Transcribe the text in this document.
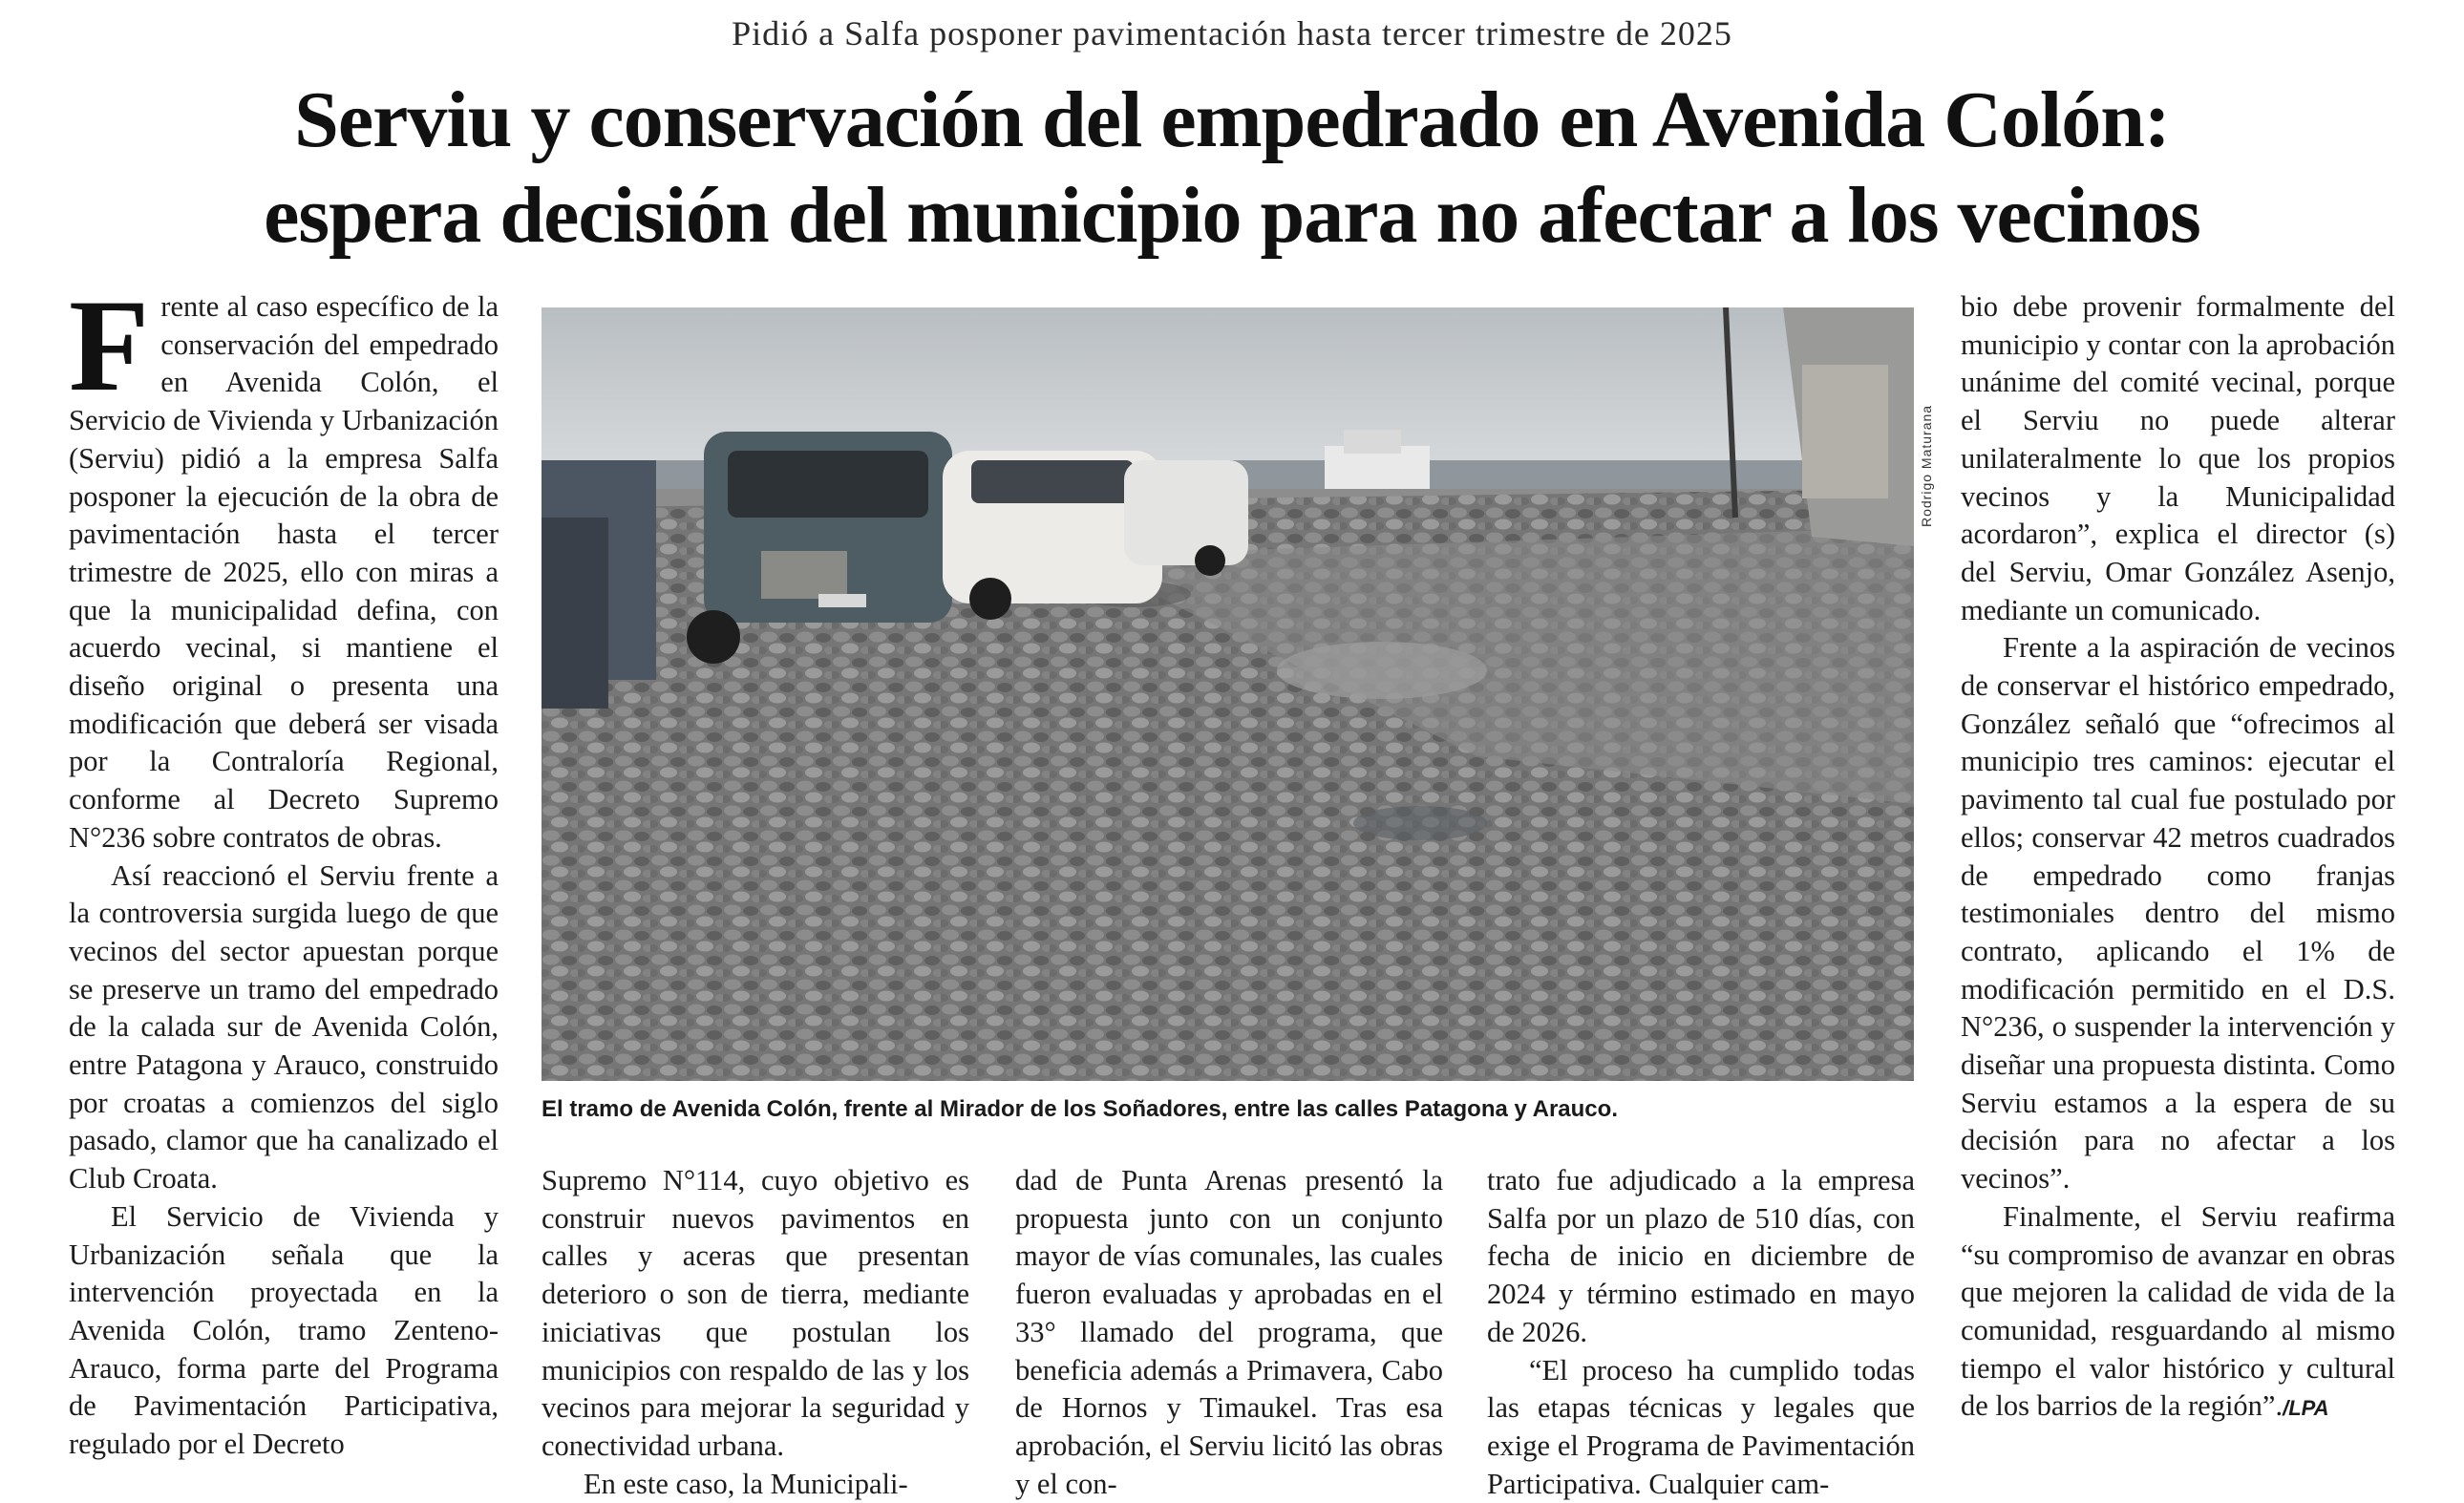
Pidió a Salfa posponer pavimentación hasta tercer trimestre de 2025
Serviu y conservación del empedrado en Avenida Colón:
espera decisión del municipio para no afectar a los vecinos

Frente al caso específico de la conservación del empedrado en Avenida Colón, el Servicio de Vivienda y Urbanización (Serviu) pidió a la empresa Salfa posponer la ejecución de la obra de pavimentación hasta el tercer trimestre de 2025, ello con miras a que la municipalidad defina, con acuerdo vecinal, si mantiene el diseño original o presenta una modificación que deberá ser visada por la Contraloría Regional, conforme al Decreto Supremo N°236 sobre contratos de obras.

Así reaccionó el Serviu frente a la controversia surgida luego de que vecinos del sector apuestan porque se preserve un tramo del empedrado de la calada sur de Avenida Colón, entre Patagona y Arauco, construido por croatas a comienzos del siglo pasado, clamor que ha canalizado el Club Croata.

El Servicio de Vivienda y Urbanización señala que la intervención proyectada en la Avenida Colón, tramo Zenteno-Arauco, forma parte del Programa de Pavimentación Participativa, regulado por el Decreto

Rodrigo Maturana
El tramo de Avenida Colón, frente al Mirador de los Soñadores, entre las calles Patagona y Arauco.

Supremo N°114, cuyo objetivo es construir nuevos pavimentos en calles y aceras que presentan deterioro o son de tierra, mediante iniciativas que postulan los municipios con respaldo de las y los vecinos para mejorar la seguridad y conectividad urbana.

En este caso, la Municipali-

dad de Punta Arenas presentó la propuesta junto con un conjunto mayor de vías comunales, las cuales fueron evaluadas y aprobadas en el 33° llamado del programa, que beneficia además a Primavera, Cabo de Hornos y Timaukel. Tras esa aprobación, el Serviu licitó las obras y el con-

trato fue adjudicado a la empresa Salfa por un plazo de 510 días, con fecha de inicio en diciembre de 2024 y término estimado en mayo de 2026.

“El proceso ha cumplido todas las etapas técnicas y legales que exige el Programa de Pavimentación Participativa. Cualquier cam-

bio debe provenir formalmente del municipio y contar con la aprobación unánime del comité vecinal, porque el Serviu no puede alterar unilateralmente lo que los propios vecinos y la Municipalidad acordaron”, explica el director (s) del Serviu, Omar González Asenjo, mediante un comunicado.

Frente a la aspiración de vecinos de conservar el histórico empedrado, González señaló que “ofrecimos al municipio tres caminos: ejecutar el pavimento tal cual fue postulado por ellos; conservar 42 metros cuadrados de empedrado como franjas testimoniales dentro del mismo contrato, aplicando el 1% de modificación permitido en el D.S. N°236, o suspender la intervención y diseñar una propuesta distinta. Como Serviu estamos a la espera de su decisión para no afectar a los vecinos”.

Finalmente, el Serviu reafirma “su compromiso de avanzar en obras que mejoren la calidad de vida de la comunidad, resguardando al mismo tiempo el valor histórico y cultural de los barrios de la región”./LPA
